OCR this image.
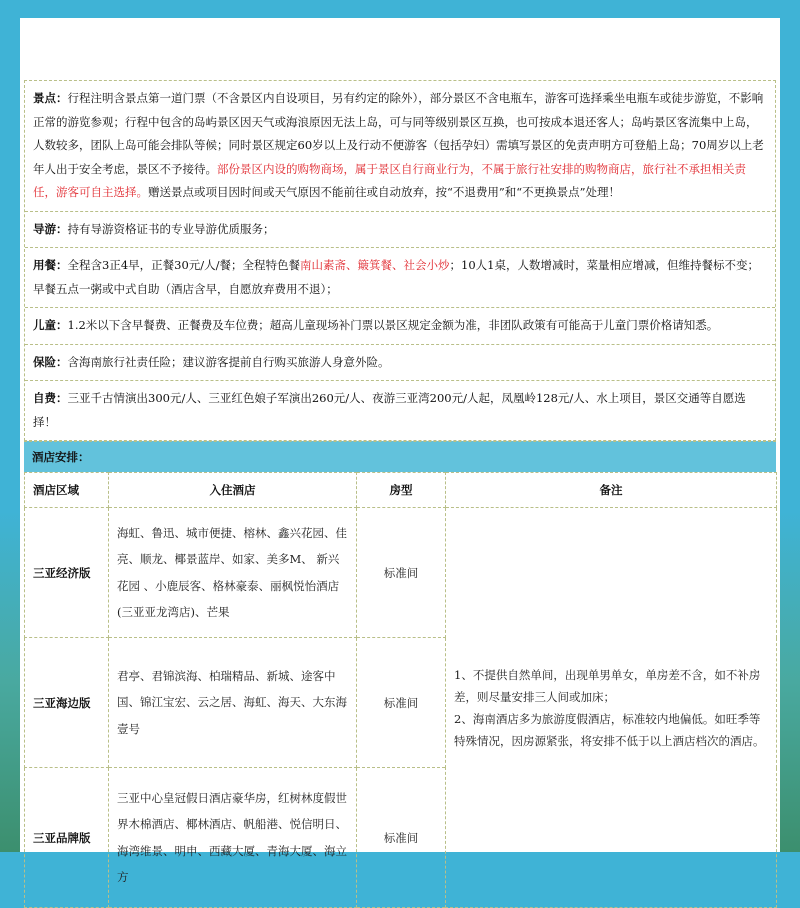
景点：行程注明含景点第一道门票（不含景区内自设项目，另有约定的除外），部分景区不含电瓶车，游客可选择乘坐电瓶车或徒步游览，不影响正常的游览参观；行程中包含的岛屿景区因天气或海浪原因无法上岛，可与同等级别景区互换，也可按成本退还客人；岛屿景区客流集中上岛，人数较多，团队上岛可能会排队等候；同时景区规定60岁以上及行动不便游客（包括孕妇）需填写景区的免责声明方可登船上岛；70周岁以上老年人出于安全考虑，景区不予接待。部份景区内设的购物商场，属于景区自行商业行为，不属于旅行社安排的购物商店，旅行社不承担相关责任，游客可自主选择。赠送景点或项目因时间或天气原因不能前往或自动放弃，按“不退费用”和“不更换景点”处理！
导游：持有导游资格证书的专业导游优质服务；
用餐：全程含3正4早，正餐30元/人/餐；全程特色餐南山素斋、簸箕餐、社会小炒；10人1桌，人数增减时，菜量相应增减，但维持餐标不变；早餐五点一粥或中式自助（酒店含早，自愿放弃费用不退）；
儿童：1.2米以下含早餐费、正餐费及车位费；超高儿童现场补门票以景区规定金额为准，非团队政策有可能高于儿童门票价格请知悉。
保险：含海南旅行社责任险；建议游客提前自行购买旅游人身意外险。
自费：三亚千古情演出300元/人、三亚红色娘子军演出260元/人、夜游三亚湾200元/人起，凤凰岭128元/人、水上项目，景区交通等自愿选择！
酒店安排：
酒店区域	入住酒店	房型	备注
三亚经济版	海虹、鲁迅、城市便捷、榕林、鑫兴花园、佳亮、顺龙、椰景蓝岸、如家、美多M、 新兴花园 、小鹿辰客、格林豪泰、丽枫悦怡酒店(三亚亚龙湾店)、芒果	标准间	1、不提供自然单间，出现单男单女，单房差不含，如不补房差，则尽量安排三人间或加床；
2、海南酒店多为旅游度假酒店，标准较内地偏低。如旺季等特殊情况，因房源紧张，将安排不低于以上酒店档次的酒店。
三亚海边版	君亭、君锦滨海、柏瑞精品、新城、途客中国、锦江宝宏、云之居、海虹、海天、大东海壹号	标准间	
三亚品牌版	三亚中心皇冠假日酒店豪华房，红树林度假世界木棉酒店、椰林酒店、帆船港、悦信明日、海湾维景、明申、西藏大厦、青海大厦、海立方	标准间	
